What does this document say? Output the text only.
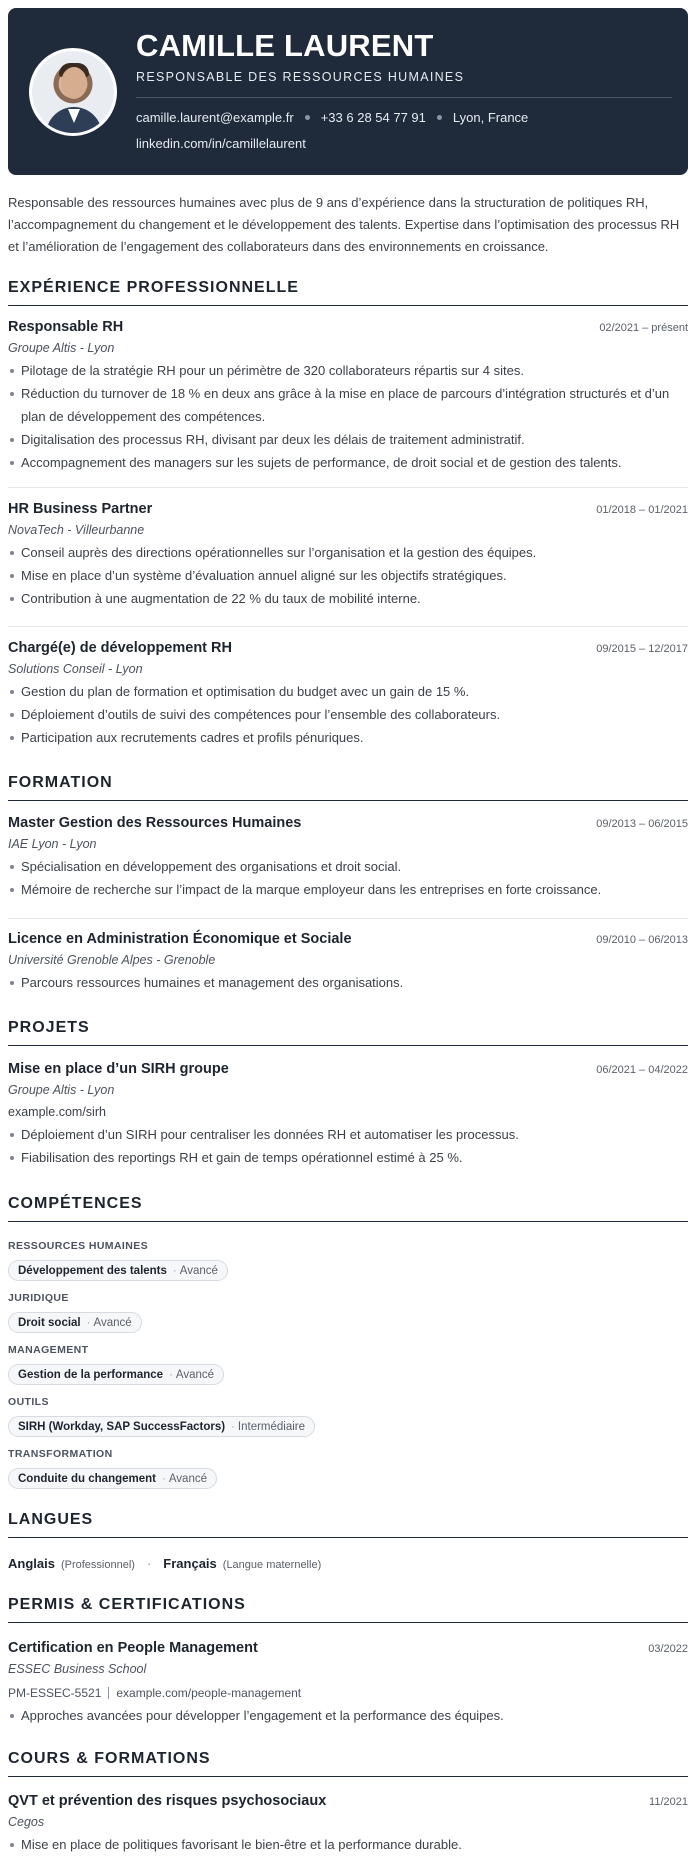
CAMILLE LAURENT
RESPONSABLE DES RESSOURCES HUMAINES
camille.laurent@example.fr +33 6 28 54 77 91 Lyon, France
linkedin.com/in/camillelaurent
Responsable des ressources humaines avec plus de 9 ans d’expérience dans la structuration de politiques RH, l’accompagnement du changement et le développement des talents. Expertise dans l’optimisation des processus RH et l’amélioration de l’engagement des collaborateurs dans des environnements en croissance.
EXPÉRIENCE PROFESSIONNELLE
Responsable RH	02/2021 – présent
Groupe Altis - Lyon
Pilotage de la stratégie RH pour un périmètre de 320 collaborateurs répartis sur 4 sites.
Réduction du turnover de 18 % en deux ans grâce à la mise en place de parcours d’intégration structurés et d’un plan de développement des compétences.
Digitalisation des processus RH, divisant par deux les délais de traitement administratif.
Accompagnement des managers sur les sujets de performance, de droit social et de gestion des talents.
HR Business Partner	01/2018 – 01/2021
NovaTech - Villeurbanne
Conseil auprès des directions opérationnelles sur l’organisation et la gestion des équipes.
Mise en place d’un système d’évaluation annuel aligné sur les objectifs stratégiques.
Contribution à une augmentation de 22 % du taux de mobilité interne.
Chargé(e) de développement RH	09/2015 – 12/2017
Solutions Conseil - Lyon
Gestion du plan de formation et optimisation du budget avec un gain de 15 %.
Déploiement d’outils de suivi des compétences pour l’ensemble des collaborateurs.
Participation aux recrutements cadres et profils pénuriques.
FORMATION
Master Gestion des Ressources Humaines	09/2013 – 06/2015
IAE Lyon - Lyon
Spécialisation en développement des organisations et droit social.
Mémoire de recherche sur l’impact de la marque employeur dans les entreprises en forte croissance.
Licence en Administration Économique et Sociale	09/2010 – 06/2013
Université Grenoble Alpes - Grenoble
Parcours ressources humaines et management des organisations.
PROJETS
Mise en place d’un SIRH groupe	06/2021 – 04/2022
Groupe Altis - Lyon
example.com/sirh
Déploiement d’un SIRH pour centraliser les données RH et automatiser les processus.
Fiabilisation des reportings RH et gain de temps opérationnel estimé à 25 %.
COMPÉTENCES
RESSOURCES HUMAINES
Développement des talents · Avancé
JURIDIQUE
Droit social · Avancé
MANAGEMENT
Gestion de la performance · Avancé
OUTILS
SIRH (Workday, SAP SuccessFactors) · Intermédiaire
TRANSFORMATION
Conduite du changement · Avancé
LANGUES
Anglais (Professionnel) · Français (Langue maternelle)
PERMIS & CERTIFICATIONS
Certification en People Management	03/2022
ESSEC Business School
PM-ESSEC-5521 example.com/people-management
Approches avancées pour développer l’engagement et la performance des équipes.
COURS & FORMATIONS
QVT et prévention des risques psychosociaux	11/2021
Cegos
Mise en place de politiques favorisant le bien-être et la performance durable.
